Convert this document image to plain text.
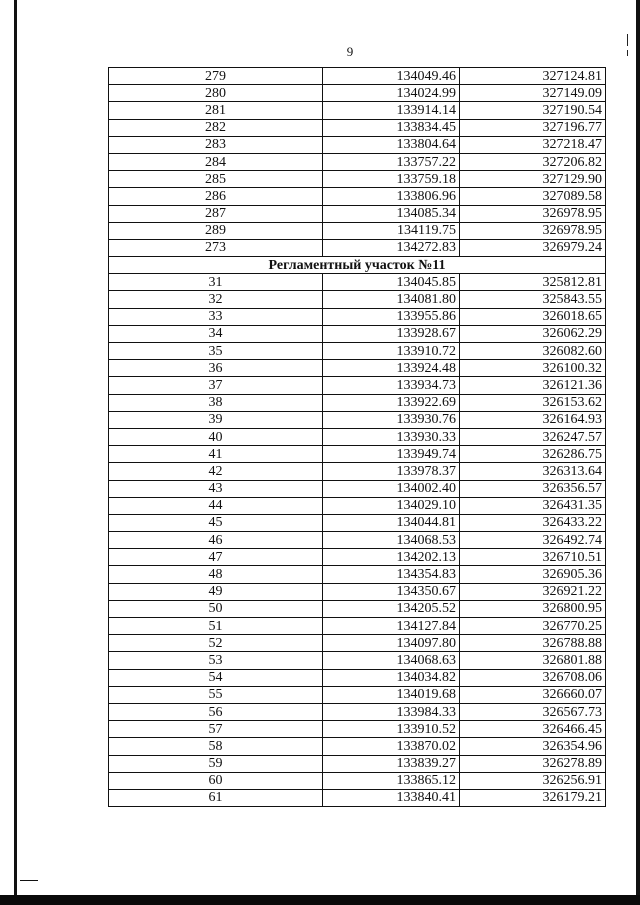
9
279	134049.46	327124.81
280	134024.99	327149.09
281	133914.14	327190.54
282	133834.45	327196.77
283	133804.64	327218.47
284	133757.22	327206.82
285	133759.18	327129.90
286	133806.96	327089.58
287	134085.34	326978.95
289	134119.75	326978.95
273	134272.83	326979.24
Регламентный участок №11		
31	134045.85	325812.81
32	134081.80	325843.55
33	133955.86	326018.65
34	133928.67	326062.29
35	133910.72	326082.60
36	133924.48	326100.32
37	133934.73	326121.36
38	133922.69	326153.62
39	133930.76	326164.93
40	133930.33	326247.57
41	133949.74	326286.75
42	133978.37	326313.64
43	134002.40	326356.57
44	134029.10	326431.35
45	134044.81	326433.22
46	134068.53	326492.74
47	134202.13	326710.51
48	134354.83	326905.36
49	134350.67	326921.22
50	134205.52	326800.95
51	134127.84	326770.25
52	134097.80	326788.88
53	134068.63	326801.88
54	134034.82	326708.06
55	134019.68	326660.07
56	133984.33	326567.73
57	133910.52	326466.45
58	133870.02	326354.96
59	133839.27	326278.89
60	133865.12	326256.91
61	133840.41	326179.21
